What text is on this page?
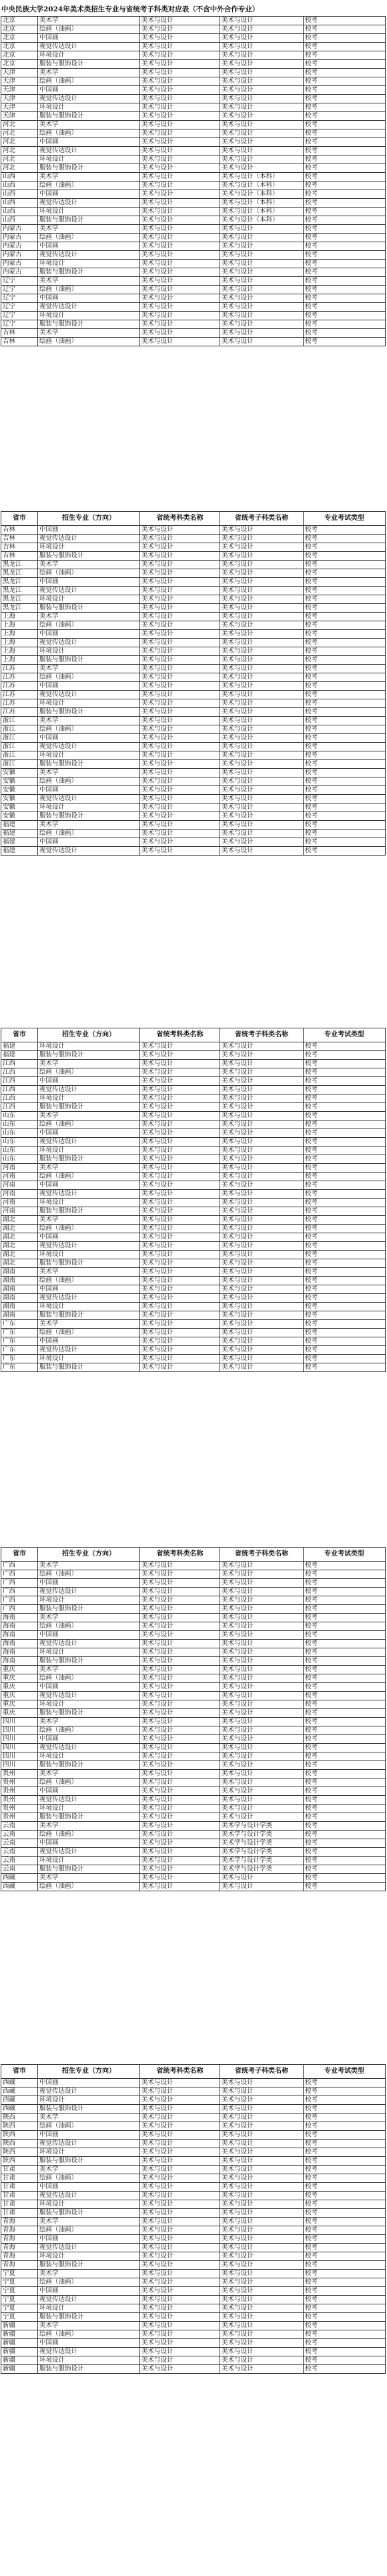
中央民族大学2024年美术类招生专业与省统考子科类对应表（不含中外合作专业）
北京	美术学	美术与设计	美术与设计	校考
北京	绘画（油画）	美术与设计	美术与设计	校考
北京	中国画	美术与设计	美术与设计	校考
北京	视觉传达设计	美术与设计	美术与设计	校考
北京	环境设计	美术与设计	美术与设计	校考
北京	服装与服饰设计	美术与设计	美术与设计	校考
天津	美术学	美术与设计	美术与设计	校考
天津	绘画（油画）	美术与设计	美术与设计	校考
天津	中国画	美术与设计	美术与设计	校考
天津	视觉传达设计	美术与设计	美术与设计	校考
天津	环境设计	美术与设计	美术与设计	校考
天津	服装与服饰设计	美术与设计	美术与设计	校考
河北	美术学	美术与设计	美术与设计	校考
河北	绘画（油画）	美术与设计	美术与设计	校考
河北	中国画	美术与设计	美术与设计	校考
河北	视觉传达设计	美术与设计	美术与设计	校考
河北	环境设计	美术与设计	美术与设计	校考
河北	服装与服饰设计	美术与设计	美术与设计	校考
山西	美术学	美术与设计	美术与设计（本科）	校考
山西	绘画（油画）	美术与设计	美术与设计（本科）	校考
山西	中国画	美术与设计	美术与设计（本科）	校考
山西	视觉传达设计	美术与设计	美术与设计（本科）	校考
山西	环境设计	美术与设计	美术与设计（本科）	校考
山西	服装与服饰设计	美术与设计	美术与设计（本科）	校考
内蒙古	美术学	美术与设计	美术与设计	校考
内蒙古	绘画（油画）	美术与设计	美术与设计	校考
内蒙古	中国画	美术与设计	美术与设计	校考
内蒙古	视觉传达设计	美术与设计	美术与设计	校考
内蒙古	环境设计	美术与设计	美术与设计	校考
内蒙古	服装与服饰设计	美术与设计	美术与设计	校考
辽宁	美术学	美术与设计	美术与设计	校考
辽宁	绘画（油画）	美术与设计	美术与设计	校考
辽宁	中国画	美术与设计	美术与设计	校考
辽宁	视觉传达设计	美术与设计	美术与设计	校考
辽宁	环境设计	美术与设计	美术与设计	校考
辽宁	服装与服饰设计	美术与设计	美术与设计	校考
吉林	美术学	美术与设计	美术与设计	校考
吉林	绘画（油画）	美术与设计	美术与设计	校考
省市	招生专业（方向）	省统考科类名称	省统考子科类名称	专业考试类型
吉林	中国画	美术与设计	美术与设计	校考
吉林	视觉传达设计	美术与设计	美术与设计	校考
吉林	环境设计	美术与设计	美术与设计	校考
吉林	服装与服饰设计	美术与设计	美术与设计	校考
黑龙江	美术学	美术与设计	美术与设计	校考
黑龙江	绘画（油画）	美术与设计	美术与设计	校考
黑龙江	中国画	美术与设计	美术与设计	校考
黑龙江	视觉传达设计	美术与设计	美术与设计	校考
黑龙江	环境设计	美术与设计	美术与设计	校考
黑龙江	服装与服饰设计	美术与设计	美术与设计	校考
上海	美术学	美术与设计	美术与设计	校考
上海	绘画（油画）	美术与设计	美术与设计	校考
上海	中国画	美术与设计	美术与设计	校考
上海	视觉传达设计	美术与设计	美术与设计	校考
上海	环境设计	美术与设计	美术与设计	校考
上海	服装与服饰设计	美术与设计	美术与设计	校考
江苏	美术学	美术与设计	美术与设计	校考
江苏	绘画（油画）	美术与设计	美术与设计	校考
江苏	中国画	美术与设计	美术与设计	校考
江苏	视觉传达设计	美术与设计	美术与设计	校考
江苏	环境设计	美术与设计	美术与设计	校考
江苏	服装与服饰设计	美术与设计	美术与设计	校考
浙江	美术学	美术与设计	美术与设计	校考
浙江	绘画（油画）	美术与设计	美术与设计	校考
浙江	中国画	美术与设计	美术与设计	校考
浙江	视觉传达设计	美术与设计	美术与设计	校考
浙江	环境设计	美术与设计	美术与设计	校考
浙江	服装与服饰设计	美术与设计	美术与设计	校考
安徽	美术学	美术与设计	美术与设计	校考
安徽	绘画（油画）	美术与设计	美术与设计	校考
安徽	中国画	美术与设计	美术与设计	校考
安徽	视觉传达设计	美术与设计	美术与设计	校考
安徽	环境设计	美术与设计	美术与设计	校考
安徽	服装与服饰设计	美术与设计	美术与设计	校考
福建	美术学	美术与设计	美术与设计	校考
福建	绘画（油画）	美术与设计	美术与设计	校考
福建	中国画	美术与设计	美术与设计	校考
福建	视觉传达设计	美术与设计	美术与设计	校考
省市	招生专业（方向）	省统考科类名称	省统考子科类名称	专业考试类型
福建	环境设计	美术与设计	美术与设计	校考
福建	服装与服饰设计	美术与设计	美术与设计	校考
江西	美术学	美术与设计	美术与设计	校考
江西	绘画（油画）	美术与设计	美术与设计	校考
江西	中国画	美术与设计	美术与设计	校考
江西	视觉传达设计	美术与设计	美术与设计	校考
江西	环境设计	美术与设计	美术与设计	校考
江西	服装与服饰设计	美术与设计	美术与设计	校考
山东	美术学	美术与设计	美术与设计	校考
山东	绘画（油画）	美术与设计	美术与设计	校考
山东	中国画	美术与设计	美术与设计	校考
山东	视觉传达设计	美术与设计	美术与设计	校考
山东	环境设计	美术与设计	美术与设计	校考
山东	服装与服饰设计	美术与设计	美术与设计	校考
河南	美术学	美术与设计	美术与设计	校考
河南	绘画（油画）	美术与设计	美术与设计	校考
河南	中国画	美术与设计	美术与设计	校考
河南	视觉传达设计	美术与设计	美术与设计	校考
河南	环境设计	美术与设计	美术与设计	校考
河南	服装与服饰设计	美术与设计	美术与设计	校考
湖北	美术学	美术与设计	美术与设计	校考
湖北	绘画（油画）	美术与设计	美术与设计	校考
湖北	中国画	美术与设计	美术与设计	校考
湖北	视觉传达设计	美术与设计	美术与设计	校考
湖北	环境设计	美术与设计	美术与设计	校考
湖北	服装与服饰设计	美术与设计	美术与设计	校考
湖南	美术学	美术与设计	美术与设计	校考
湖南	绘画（油画）	美术与设计	美术与设计	校考
湖南	中国画	美术与设计	美术与设计	校考
湖南	视觉传达设计	美术与设计	美术与设计	校考
湖南	环境设计	美术与设计	美术与设计	校考
湖南	服装与服饰设计	美术与设计	美术与设计	校考
广东	美术学	美术与设计	美术与设计	校考
广东	绘画（油画）	美术与设计	美术与设计	校考
广东	中国画	美术与设计	美术与设计	校考
广东	视觉传达设计	美术与设计	美术与设计	校考
广东	环境设计	美术与设计	美术与设计	校考
广东	服装与服饰设计	美术与设计	美术与设计	校考
省市	招生专业（方向）	省统考科类名称	省统考子科类名称	专业考试类型
广西	美术学	美术与设计	美术与设计	校考
广西	绘画（油画）	美术与设计	美术与设计	校考
广西	中国画	美术与设计	美术与设计	校考
广西	视觉传达设计	美术与设计	美术与设计	校考
广西	环境设计	美术与设计	美术与设计	校考
广西	服装与服饰设计	美术与设计	美术与设计	校考
海南	美术学	美术与设计	美术与设计	校考
海南	绘画（油画）	美术与设计	美术与设计	校考
海南	中国画	美术与设计	美术与设计	校考
海南	视觉传达设计	美术与设计	美术与设计	校考
海南	环境设计	美术与设计	美术与设计	校考
海南	服装与服饰设计	美术与设计	美术与设计	校考
重庆	美术学	美术与设计	美术与设计	校考
重庆	绘画（油画）	美术与设计	美术与设计	校考
重庆	中国画	美术与设计	美术与设计	校考
重庆	视觉传达设计	美术与设计	美术与设计	校考
重庆	环境设计	美术与设计	美术与设计	校考
重庆	服装与服饰设计	美术与设计	美术与设计	校考
四川	美术学	美术与设计	美术与设计	校考
四川	绘画（油画）	美术与设计	美术与设计	校考
四川	中国画	美术与设计	美术与设计	校考
四川	视觉传达设计	美术与设计	美术与设计	校考
四川	环境设计	美术与设计	美术与设计	校考
四川	服装与服饰设计	美术与设计	美术与设计	校考
贵州	美术学	美术与设计	美术与设计	校考
贵州	绘画（油画）	美术与设计	美术与设计	校考
贵州	中国画	美术与设计	美术与设计	校考
贵州	视觉传达设计	美术与设计	美术与设计	校考
贵州	环境设计	美术与设计	美术与设计	校考
贵州	服装与服饰设计	美术与设计	美术与设计	校考
云南	美术学	美术与设计	美术学与设计学类	校考
云南	绘画（油画）	美术与设计	美术学与设计学类	校考
云南	中国画	美术与设计	美术学与设计学类	校考
云南	视觉传达设计	美术与设计	美术学与设计学类	校考
云南	环境设计	美术与设计	美术学与设计学类	校考
云南	服装与服饰设计	美术与设计	美术学与设计学类	校考
西藏	美术学	美术与设计	美术与设计	校考
西藏	绘画（油画）	美术与设计	美术与设计	校考
省市	招生专业（方向）	省统考科类名称	省统考子科类名称	专业考试类型
西藏	中国画	美术与设计	美术与设计	校考
西藏	视觉传达设计	美术与设计	美术与设计	校考
西藏	环境设计	美术与设计	美术与设计	校考
西藏	服装与服饰设计	美术与设计	美术与设计	校考
陕西	美术学	美术与设计	美术与设计	校考
陕西	绘画（油画）	美术与设计	美术与设计	校考
陕西	中国画	美术与设计	美术与设计	校考
陕西	视觉传达设计	美术与设计	美术与设计	校考
陕西	环境设计	美术与设计	美术与设计	校考
陕西	服装与服饰设计	美术与设计	美术与设计	校考
甘肃	美术学	美术与设计	美术与设计	校考
甘肃	绘画（油画）	美术与设计	美术与设计	校考
甘肃	中国画	美术与设计	美术与设计	校考
甘肃	视觉传达设计	美术与设计	美术与设计	校考
甘肃	环境设计	美术与设计	美术与设计	校考
甘肃	服装与服饰设计	美术与设计	美术与设计	校考
青海	美术学	美术与设计	美术与设计	校考
青海	绘画（油画）	美术与设计	美术与设计	校考
青海	中国画	美术与设计	美术与设计	校考
青海	视觉传达设计	美术与设计	美术与设计	校考
青海	环境设计	美术与设计	美术与设计	校考
青海	服装与服饰设计	美术与设计	美术与设计	校考
宁夏	美术学	美术与设计	美术与设计	校考
宁夏	绘画（油画）	美术与设计	美术与设计	校考
宁夏	中国画	美术与设计	美术与设计	校考
宁夏	视觉传达设计	美术与设计	美术与设计	校考
宁夏	环境设计	美术与设计	美术与设计	校考
宁夏	服装与服饰设计	美术与设计	美术与设计	校考
新疆	美术学	美术与设计	美术与设计	校考
新疆	绘画（油画）	美术与设计	美术与设计	校考
新疆	中国画	美术与设计	美术与设计	校考
新疆	视觉传达设计	美术与设计	美术与设计	校考
新疆	环境设计	美术与设计	美术与设计	校考
新疆	服装与服饰设计	美术与设计	美术与设计	校考
